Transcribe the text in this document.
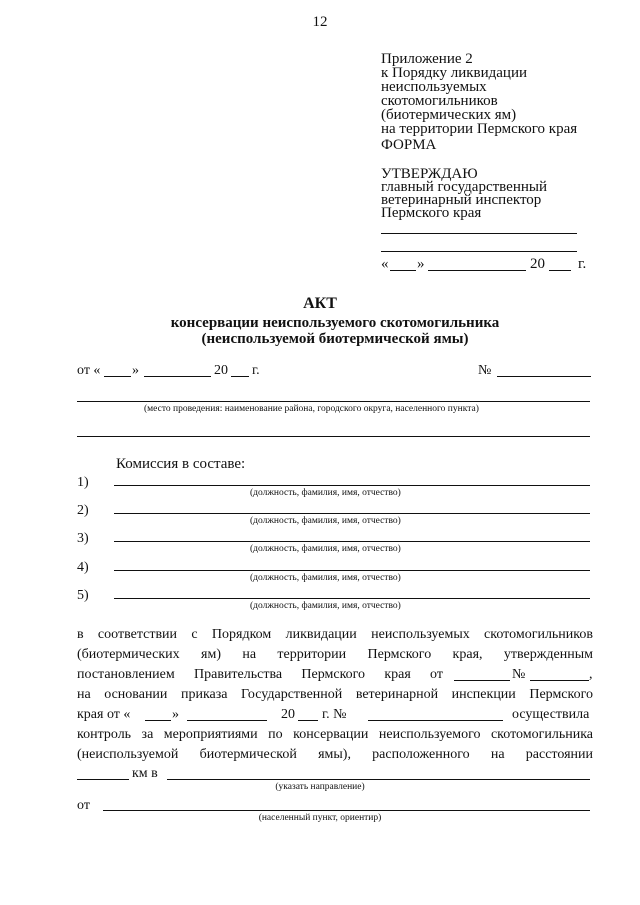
12
Приложение 2
к Порядку ликвидации
неиспользуемых
скотомогильников
(биотермических ям)
на территории Пермского края
ФОРМА
УТВЕРЖДАЮ
главный государственный
ветеринарный инспектор
Пермского края
« »	20 г.
АКТ
консервации неиспользуемого скотомогильника
(неиспользуемой биотермической ямы)
от « »	20 г.	№
(место проведения: наименование района, городского округа, населенного пункта)
Комиссия в составе:
1)
(должность, фамилия, имя, отчество)
2)
(должность, фамилия, имя, отчество)
3)
(должность, фамилия, имя, отчество)
4)
(должность, фамилия, имя, отчество)
5)
(должность, фамилия, имя, отчество)
в соответствии с Порядком ликвидации неиспользуемых скотомогильников
(биотермических ям) на территории Пермского края, утвержденным
постановлением Правительства Пермского края от	№	,
на основании приказа Государственной ветеринарной инспекции Пермского
края от «	»	20 г. №	осуществила
контроль за мероприятиями по консервации неиспользуемого скотомогильника
(неиспользуемой биотермической ямы), расположенного на расстоянии
км в
(указать направление)
от
(населенный пункт, ориентир)
